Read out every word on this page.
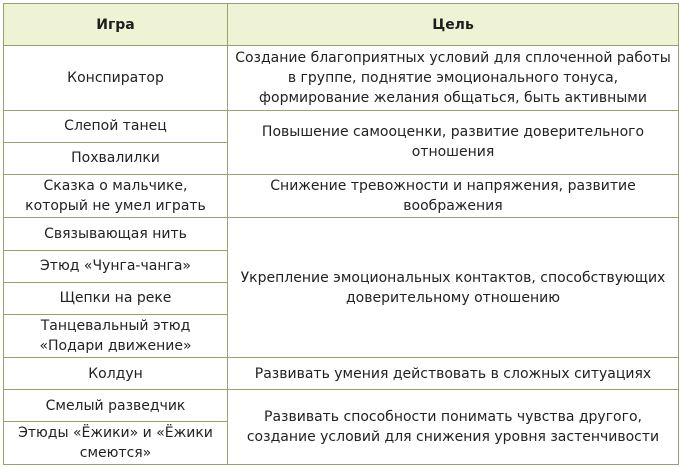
Игра	Цель
Конспиратор	Создание благоприятных условий для сплоченной работы в группе, поднятие эмоционального тонуса, формирование желания общаться, быть активными
Слепой танец	Повышение самооценки, развитие доверительного отношения
Похвалилки	
Сказка о мальчике, который не умел играть	Снижение тревожности и напряжения, развитие воображения
Связывающая нить	Укрепление эмоциональных контактов, способствующих доверительному отношению
Этюд «Чунга-чанга»	
Щепки на реке	
Танцевальный этюд «Подари движение»	
Колдун	Развивать умения действовать в сложных ситуациях
Смелый разведчик	Развивать способности понимать чувства другого, создание условий для снижения уровня застенчивости
Этюды «Ёжики» и «Ёжики смеются»	
